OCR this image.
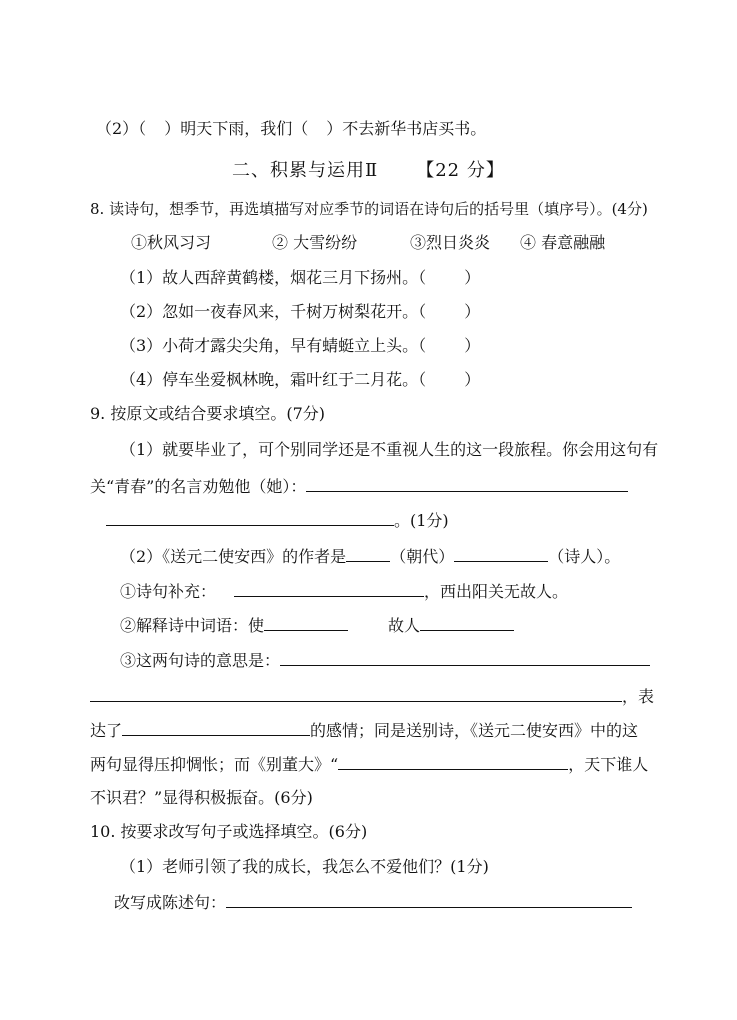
（2）（ ）明天下雨，我们（ ）不去新华书店买书。
二、积累与运用Ⅱ 【22 分】
8. 读诗句，想季节，再选填描写对应季节的词语在诗句后的括号里（填序号）。(4分)
①秋风习习	② 大雪纷纷	③烈日炎炎 ④ 春意融融
（1）故人西辞黄鹤楼，烟花三月下扬州。（ ）
（2）忽如一夜春风来，千树万树梨花开。（ ）
（3）小荷才露尖尖角，早有蜻蜓立上头。（ ）
（4）停车坐爱枫林晚，霜叶红于二月花。（ ）
9. 按原文或结合要求填空。(7分)
（1）就要毕业了，可个别同学还是不重视人生的这一段旅程。你会用这句有
关“青春”的名言劝勉他（她）：
。(1分)
（2）《送元二使安西》的作者是	（朝代）	（诗人）。
①诗句补充：	，西出阳关无故人。
②解释诗中词语：使	故人
③这两句诗的意思是：
，表
达了	的感情；同是送别诗，《送元二使安西》中的这
两句显得压抑惆怅；而《别董大》“	，天下谁人
不识君？”显得积极振奋。(6分)
10. 按要求改写句子或选择填空。(6分)
（1）老师引领了我的成长，我怎么不爱他们？(1分)
改写成陈述句：
